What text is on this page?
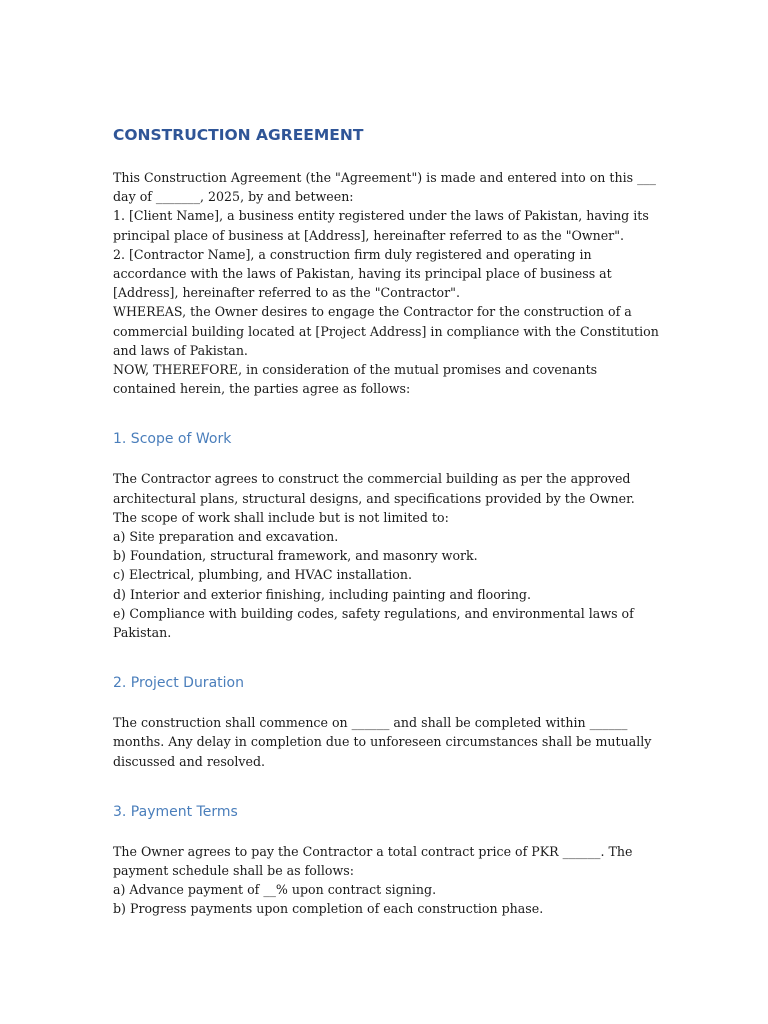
CONSTRUCTION AGREEMENT

This Construction Agreement (the "Agreement") is made and entered into on this ___ day of _______, 2025, by and between:

1. [Client Name], a business entity registered under the laws of Pakistan, having its principal place of business at [Address], hereinafter referred to as the "Owner".

2. [Contractor Name], a construction firm duly registered and operating in accordance with the laws of Pakistan, having its principal place of business at [Address], hereinafter referred to as the "Contractor".

WHEREAS, the Owner desires to engage the Contractor for the construction of a commercial building located at [Project Address] in compliance with the Constitution and laws of Pakistan.

NOW, THEREFORE, in consideration of the mutual promises and covenants contained herein, the parties agree as follows:

1. Scope of Work

The Contractor agrees to construct the commercial building as per the approved architectural plans, structural designs, and specifications provided by the Owner. The scope of work shall include but is not limited to:

a) Site preparation and excavation.

b) Foundation, structural framework, and masonry work.

c) Electrical, plumbing, and HVAC installation.

d) Interior and exterior finishing, including painting and flooring.

e) Compliance with building codes, safety regulations, and environmental laws of Pakistan.

2. Project Duration

The construction shall commence on ______ and shall be completed within ______ months. Any delay in completion due to unforeseen circumstances shall be mutually discussed and resolved.

3. Payment Terms

The Owner agrees to pay the Contractor a total contract price of PKR ______. The payment schedule shall be as follows:

a) Advance payment of __% upon contract signing.

b) Progress payments upon completion of each construction phase.
